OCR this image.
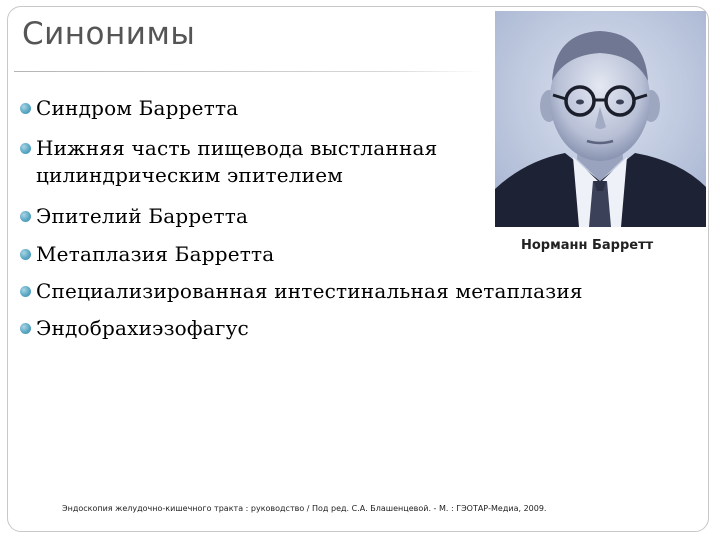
Синонимы
Синдром Барретта
Нижняя часть пищевода выстланная
цилиндрическим эпителием
Эпителий Барретта
Метаплазия Барретта
Специализированная интестинальная метаплазия
Эндобрахиэзофагус

Норманн Барретт

Эндоскопия желудочно-кишечного тракта : руководство / Под ред. С.А. Блашенцевой. - М. : ГЭОТАР-Медиа, 2009.
